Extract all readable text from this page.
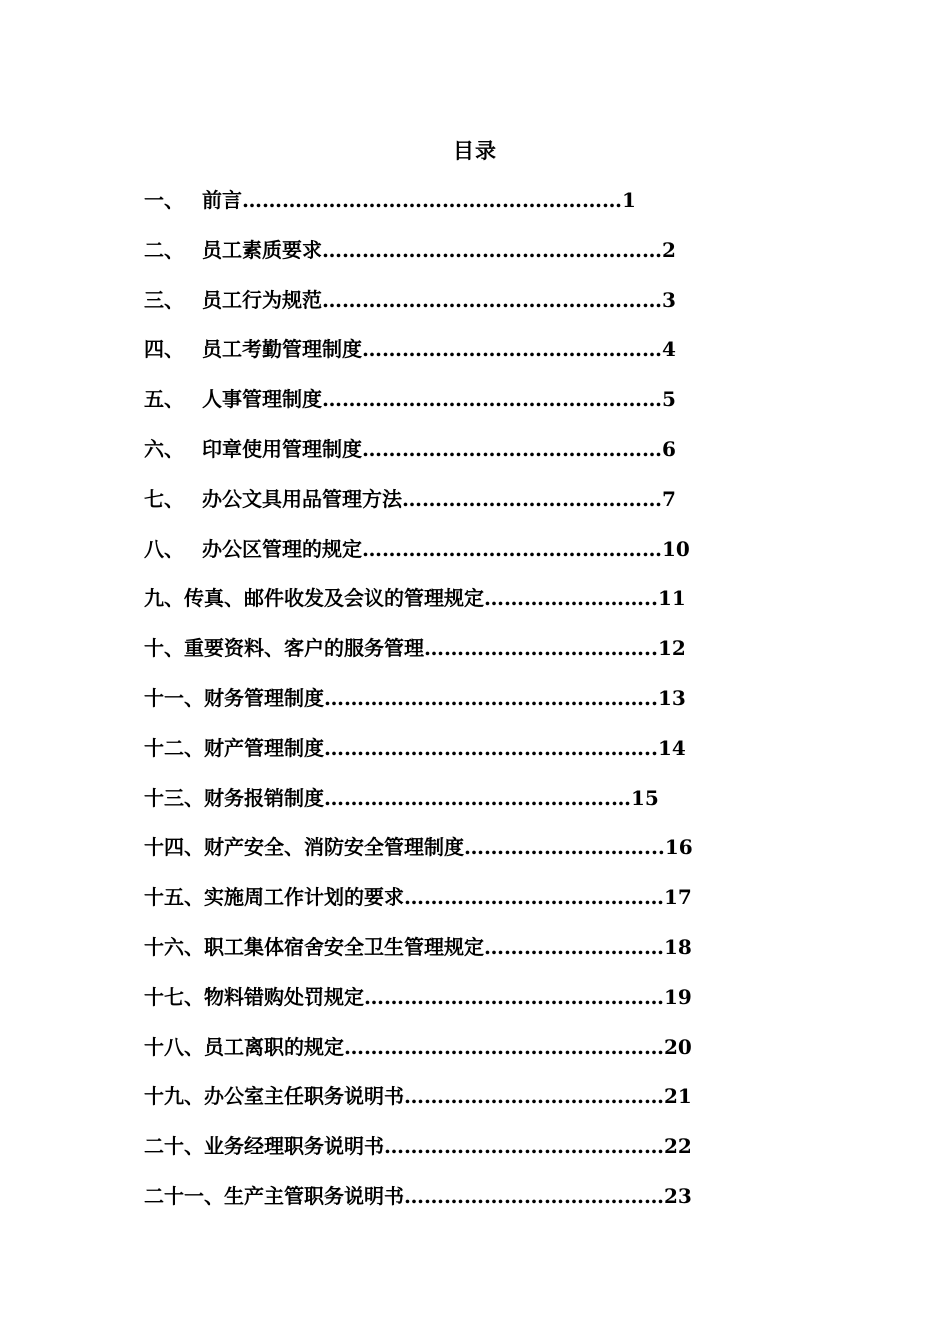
目录
一、 前言…………………………………………………1
二、 员工素质要求……………………………………………2
三、 员工行为规范……………………………………………3
四、 员工考勤管理制度………………………………………4
五、 人事管理制度……………………………………………5
六、 印章使用管理制度………………………………………6
七、 办公文具用品管理方法…………………………………7
八、 办公区管理的规定………………………………………10
九、传真、邮件收发及会议的管理规定……………………..11
十、重要资料、客户的服务管理……………………………..12
十一、财务管理制度…………………………………………..13
十二、财产管理制度…………………………………………..14
十三、财务报销制度…………………………………….…15
十四、财产安全、消防安全管理制度………………………...16
十五、实施周工作计划的要求…………………………………17
十六、职工集体宿舍安全卫生管理规定………………………18
十七、物料错购处罚规定………………………………………19
十八、员工离职的规定…………………………………………20
十九、办公室主任职务说明书…………………………………21
二十、业务经理职务说明书……………………………………22
二十一、生产主管职务说明书…………………………………23
